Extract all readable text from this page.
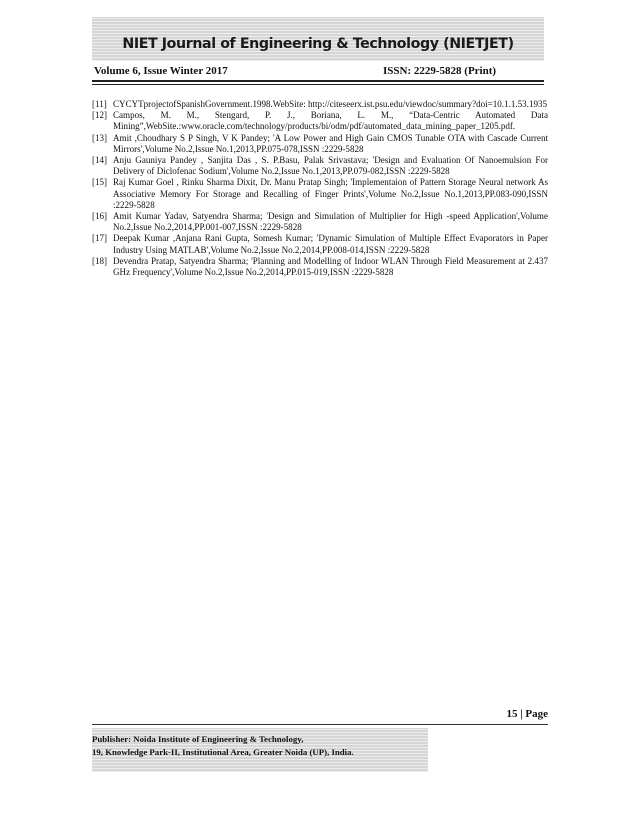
NIET Journal of Engineering & Technology (NIETJET)
Volume 6, Issue Winter 2017	ISSN: 2229-5828 (Print)
[11] CYCYTprojectofSpanishGovernment.1998.WebSite: http://citeseerx.ist.psu.edu/viewdoc/summary?doi=10.1.1.53.1935
[12] Campos, M. M., Stengard, P. J., Boriana, L. M., “Data-Centric Automated Data Mining”,WebSite.:www.oracle.com/technology/products/bi/odm/pdf/automated_data_mining_paper_1205.pdf.
[13] Amit ,Choudhary S P Singh, V K Pandey; 'A Low Power and High Gain CMOS Tunable OTA with Cascade Current Mirrors',Volume No.2,Issue No.1,2013,PP.075-078,ISSN :2229-5828
[14] Anju Gauniya Pandey , Sanjita Das , S. P.Basu, Palak Srivastava; 'Design and Evaluation Of Nanoemulsion For Delivery of Diclofenac Sodium',Volume No.2,Issue No.1,2013,PP.079-082,ISSN :2229-5828
[15] Raj Kumar Goel , Rinku Sharma Dixit, Dr. Manu Pratap Singh; 'Implementaion of Pattern Storage Neural network As Associative Memory For Storage and Recalling of Finger Prints',Volume No.2,Issue No.1,2013,PP.083-090,ISSN :2229-5828
[16] Amit Kumar Yadav, Satyendra Sharma; 'Design and Simulation of Multiplier for High -speed Application',Volume No.2,Issue No.2,2014,PP.001-007,ISSN :2229-5828
[17] Deepak Kumar ,Anjana Rani Gupta, Somesh Kumar; 'Dynamic Simulation of Multiple Effect Evaporators in Paper Industry Using MATLAB',Volume No.2,Issue No.2,2014,PP.008-014,ISSN :2229-5828
[18] Devendra Pratap, Satyendra Sharma; 'Planning and Modelling of Indoor WLAN Through Field Measurement at 2.437 GHz Frequency',Volume No.2,Issue No.2,2014,PP.015-019,ISSN :2229-5828
15 | Page
Publisher: Noida Institute of Engineering & Technology,
19, Knowledge Park-II, Institutional Area, Greater Noida (UP), India.
